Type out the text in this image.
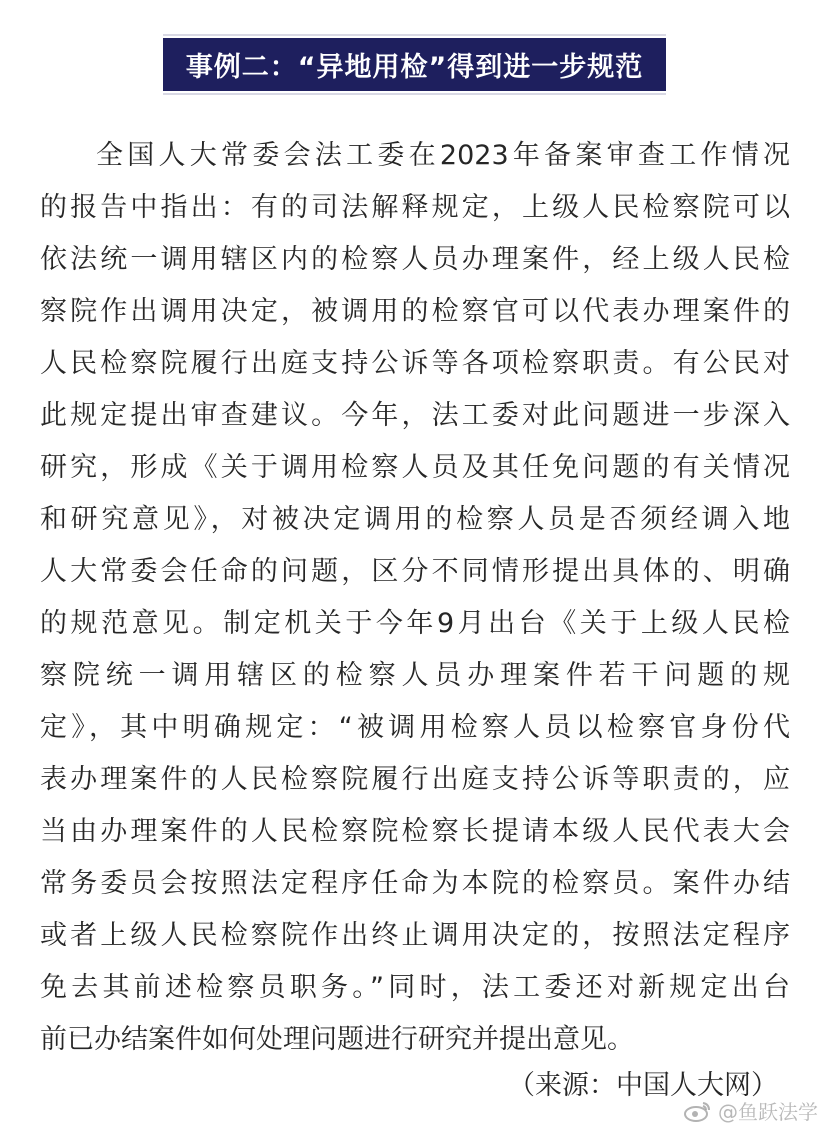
事例二：“异地用检”得到进一步规范
全国人大常委会法工委在2023年备案审查工作情况
的报告中指出：有的司法解释规定，上级人民检察院可以
依法统一调用辖区内的检察人员办理案件，经上级人民检
察院作出调用决定，被调用的检察官可以代表办理案件的
人民检察院履行出庭支持公诉等各项检察职责。有公民对
此规定提出审查建议。今年，法工委对此问题进一步深入
研究，形成《关于调用检察人员及其任免问题的有关情况
和研究意见》，对被决定调用的检察人员是否须经调入地
人大常委会任命的问题，区分不同情形提出具体的、明确
的规范意见。制定机关于今年9月出台《关于上级人民检
察院统一调用辖区的检察人员办理案件若干问题的规
定》，其中明确规定：“被调用检察人员以检察官身份代
表办理案件的人民检察院履行出庭支持公诉等职责的，应
当由办理案件的人民检察院检察长提请本级人民代表大会
常务委员会按照法定程序任命为本院的检察员。案件办结
或者上级人民检察院作出终止调用决定的，按照法定程序
免去其前述检察员职务。”同时，法工委还对新规定出台
前已办结案件如何处理问题进行研究并提出意见。
（来源：中国人大网）
@鱼跃法学
